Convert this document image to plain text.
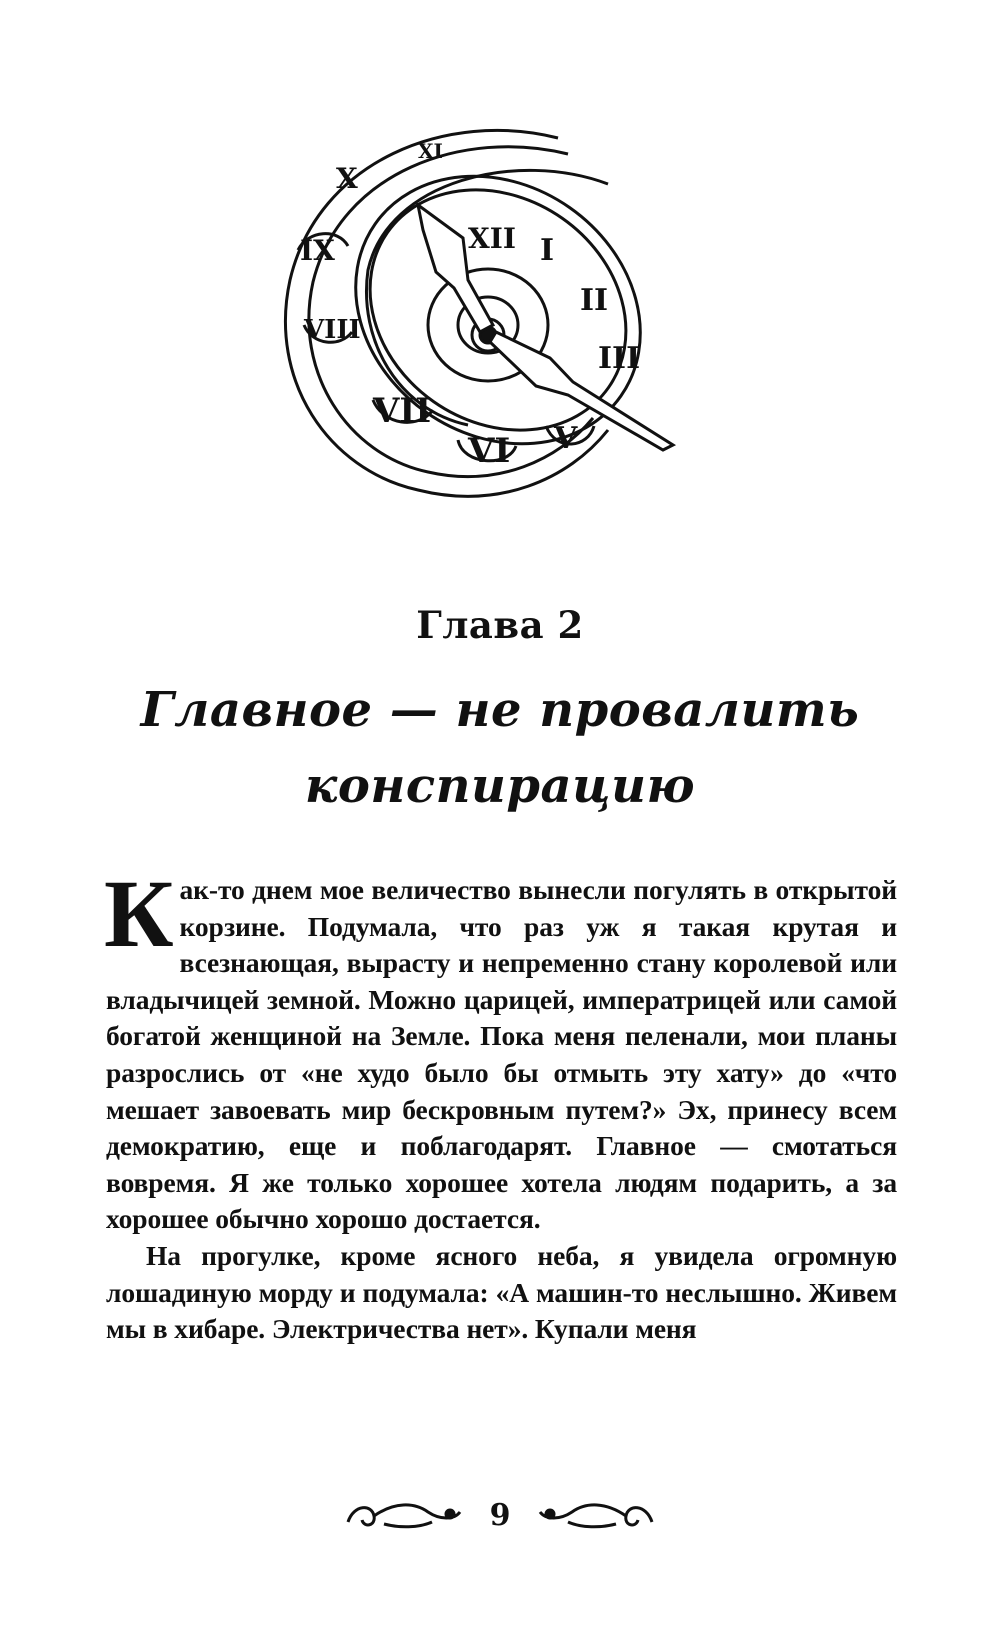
XI
X
IX
VIII
VII
VI V
XII I
II
III
Глава 2
Главное — не провалить
конспирацию

Как-то днем мое величество вынесли погулять в открытой корзине. Подумала, что раз уж я такая крутая и всезнающая, вырасту и непременно стану королевой или владычицей земной. Можно царицей, императрицей или самой богатой женщиной на Земле. Пока меня пеленали, мои планы разрослись от «не худо было бы отмыть эту хату» до «что мешает завоевать мир бескровным путем?» Эх, принесу всем демократию, еще и поблагодарят. Главное — смотаться вовремя. Я же только хорошее хотела людям подарить, а за хорошее обычно хорошо достается.

На прогулке, кроме ясного неба, я увидела огромную лошадиную морду и подумала: «А машин-то неслышно. Живем мы в хибаре. Электричества нет». Купали меня

9
